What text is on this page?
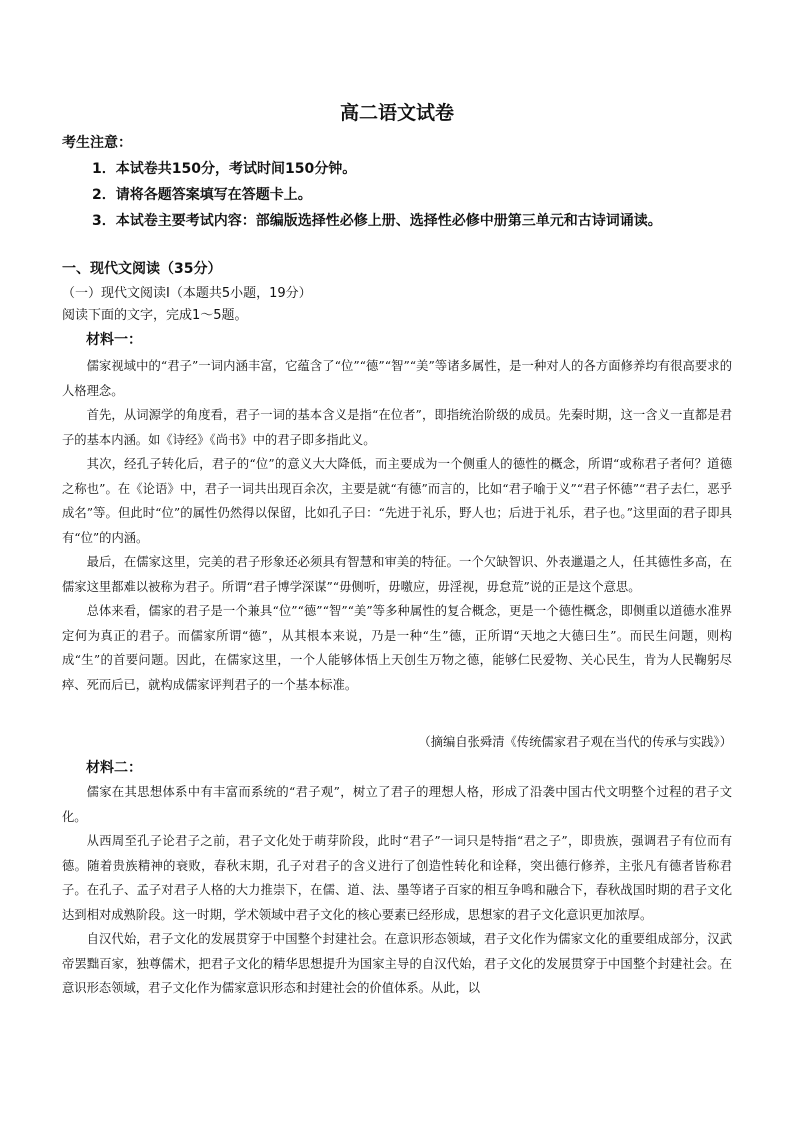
高二语文试卷
考生注意：
1．本试卷共150分，考试时间150分钟。
2．请将各题答案填写在答题卡上。
3．本试卷主要考试内容：部编版选择性必修上册、选择性必修中册第三单元和古诗词诵读。
一、现代文阅读（35分）
（一）现代文阅读Ⅰ（本题共5小题，19分）
阅读下面的文字，完成1～5题。
材料一：

儒家视域中的“君子”一词内涵丰富，它蕴含了“位”“德”“智”“美”等诸多属性，是一种对人的各方面修养均有很高要求的人格理念。

首先，从词源学的角度看，君子一词的基本含义是指“在位者”，即指统治阶级的成员。先秦时期，这一含义一直都是君子的基本内涵。如《诗经》《尚书》中的君子即多指此义。

其次，经孔子转化后，君子的“位”的意义大大降低，而主要成为一个侧重人的德性的概念，所谓“或称君子者何？道德之称也”。在《论语》中，君子一词共出现百余次，主要是就“有德”而言的，比如“君子喻于义”“君子怀德”“君子去仁，恶乎成名”等。但此时“位”的属性仍然得以保留，比如孔子曰：“先进于礼乐，野人也；后进于礼乐，君子也。”这里面的君子即具有“位”的内涵。

最后，在儒家这里，完美的君子形象还必须具有智慧和审美的特征。一个欠缺智识、外表邋遢之人，任其德性多高，在儒家这里都难以被称为君子。所谓“君子博学深谋”“毋侧听，毋噭应，毋淫视，毋怠荒”说的正是这个意思。

总体来看，儒家的君子是一个兼具“位”“德”“智”“美”等多种属性的复合概念，更是一个德性概念，即侧重以道德水准界定何为真正的君子。而儒家所谓“德”，从其根本来说，乃是一种“生”德，正所谓“天地之大德曰生”。而民生问题，则构成“生”的首要问题。因此，在儒家这里，一个人能够体悟上天创生万物之德，能够仁民爱物、关心民生，肯为人民鞠躬尽瘁、死而后已，就构成儒家评判君子的一个基本标准。

（摘编自张舜清《传统儒家君子观在当代的传承与实践》）
材料二：

儒家在其思想体系中有丰富而系统的“君子观”，树立了君子的理想人格，形成了沿袭中国古代文明整个过程的君子文化。

从西周至孔子论君子之前，君子文化处于萌芽阶段，此时“君子”一词只是特指“君之子”，即贵族，强调君子有位而有德。随着贵族精神的衰败，春秋末期，孔子对君子的含义进行了创造性转化和诠释，突出德行修养，主张凡有德者皆称君子。在孔子、孟子对君子人格的大力推崇下，在儒、道、法、墨等诸子百家的相互争鸣和融合下，春秋战国时期的君子文化达到相对成熟阶段。这一时期，学术领域中君子文化的核心要素已经形成，思想家的君子文化意识更加浓厚。

自汉代始，君子文化的发展贯穿于中国整个封建社会。在意识形态领域，君子文化作为儒家文化的重要组成部分，汉武帝罢黜百家，独尊儒术，把君子文化的精华思想提升为国家主导的自汉代始，君子文化的发展贯穿于中国整个封建社会。在意识形态领域，君子文化作为儒家意识形态和封建社会的价值体系。从此，以
